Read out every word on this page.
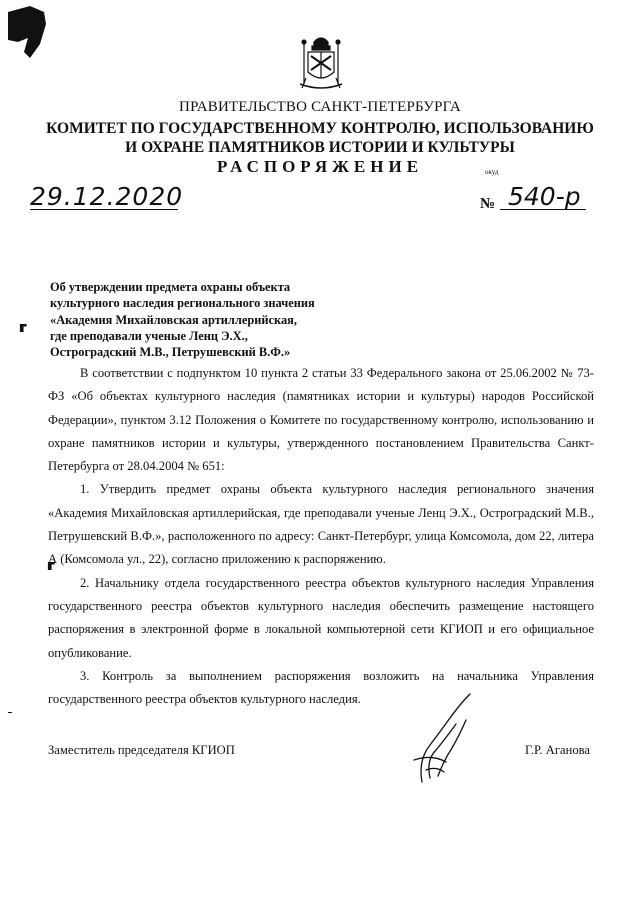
ПРАВИТЕЛЬСТВО САНКТ-ПЕТЕРБУРГА
КОМИТЕТ ПО ГОСУДАРСТВЕННОМУ КОНТРОЛЮ, ИСПОЛЬЗОВАНИЮ
И ОХРАНЕ ПАМЯТНИКОВ ИСТОРИИ И КУЛЬТУРЫ
РАСПОРЯЖЕНИЕ	окуд
29.12.2020	№ 540-р
Об утверждении предмета охраны объекта
культурного наследия регионального значения
«Академия Михайловская артиллерийская,
где преподавали ученые Ленц Э.Х.,
Остроградский М.В., Петрушевский В.Ф.»
⸢

В соответствии с подпунктом 10 пункта 2 статьи 33 Федерального закона от 25.06.2002 № 73-ФЗ «Об объектах культурного наследия (памятниках истории и культуры) народов Российской Федерации», пунктом 3.12 Положения о Комитете по государственному контролю, использованию и охране памятников истории и культуры, утвержденного постановлением Правительства Санкт-Петербурга от 28.04.2004 № 651:

1. Утвердить предмет охраны объекта культурного наследия регионального значения «Академия Михайловская артиллерийская, где преподавали ученые Ленц Э.Х., Остроградский М.В., Петрушевский В.Ф.», расположенного по адресу: Санкт-Петербург, улица Комсомола, дом 22, литера А (Комсомола ул., 22), согласно приложению к распоряжению.

2. Начальнику отдела государственного реестра объектов культурного наследия Управления государственного реестра объектов культурного наследия обеспечить размещение настоящего распоряжения в электронной форме в локальной компьютерной сети КГИОП и его официальное опубликование.

3. Контроль за выполнением распоряжения возложить на начальника Управления государственного реестра объектов культурного наследия.

⸢
Заместитель председателя КГИОП	Г.Р. Аганова
